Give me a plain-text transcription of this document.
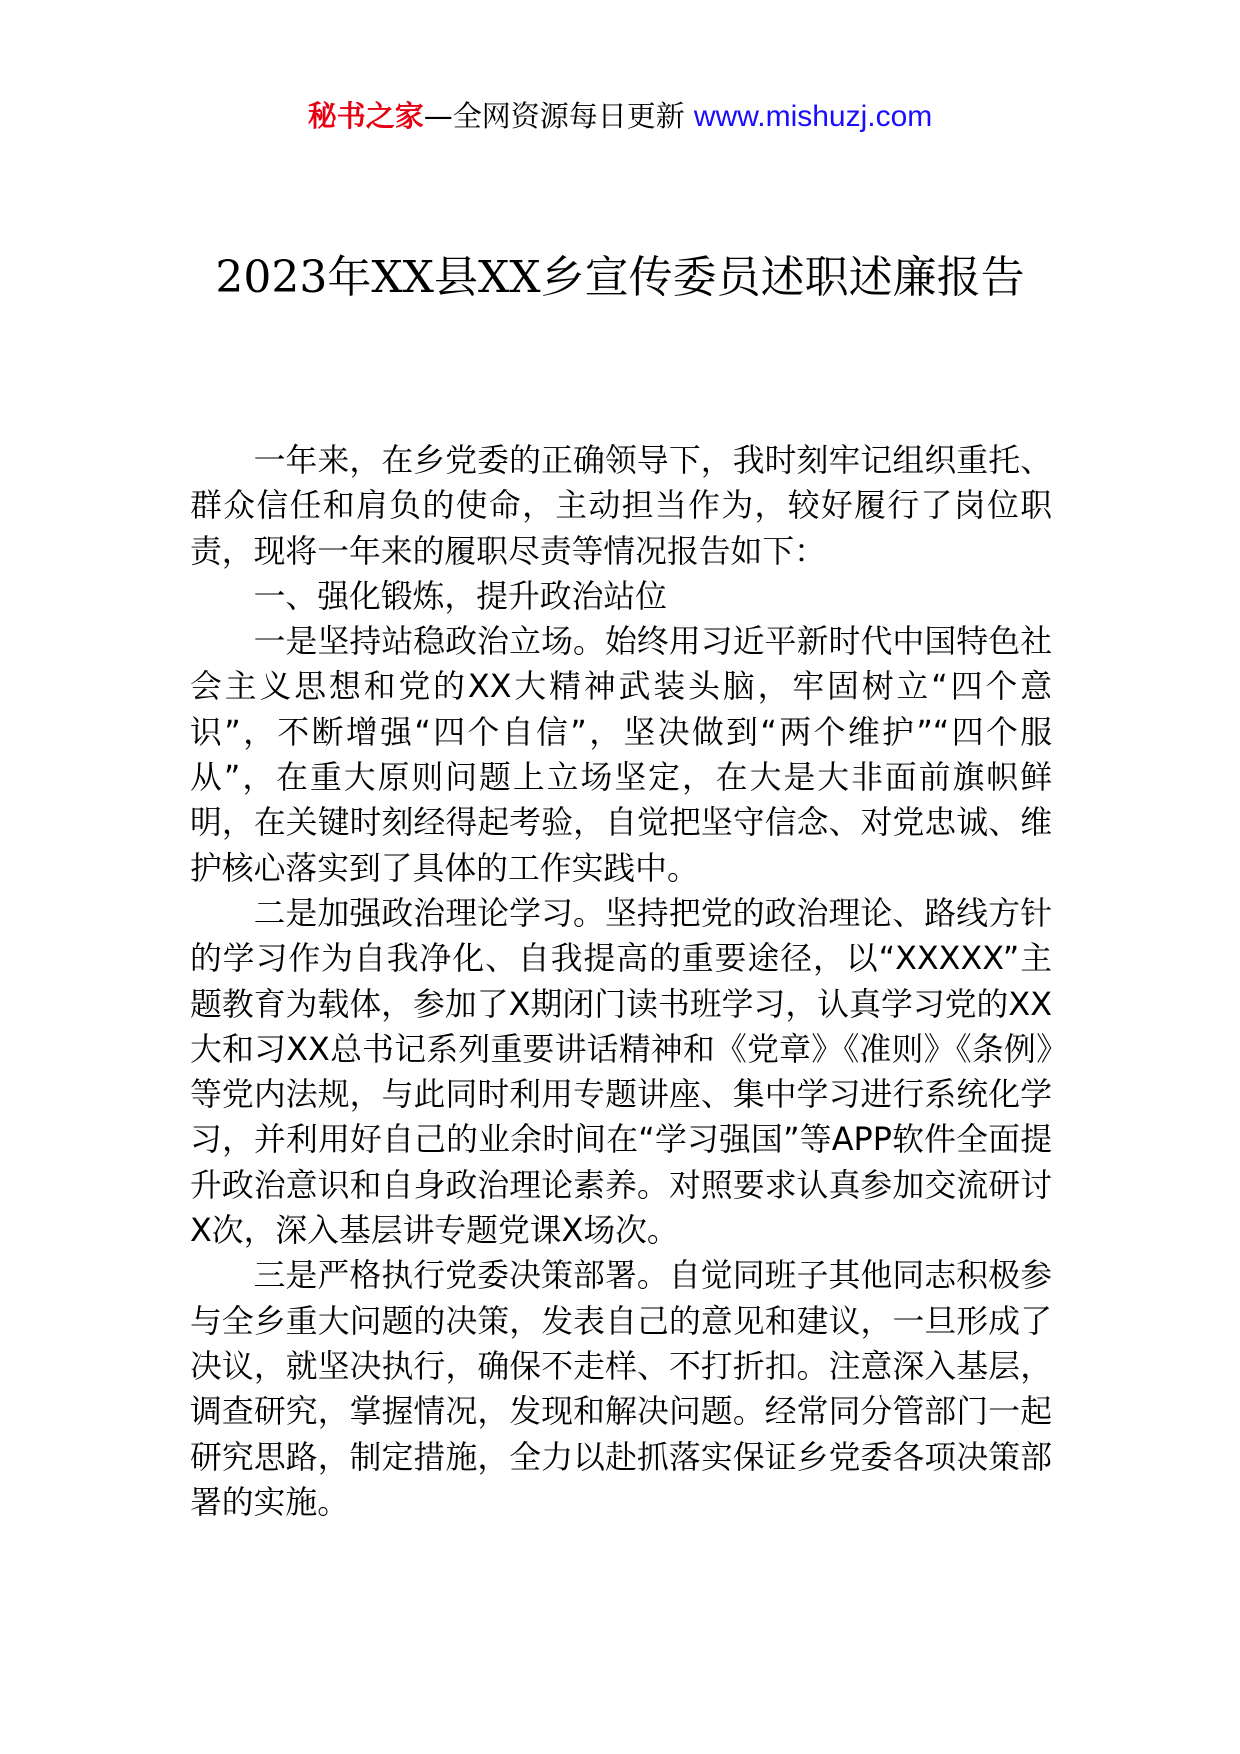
秘书之家—全网资源每日更新 www.mishuzj.com
2023年XX县XX乡宣传委员述职述廉报告

一年来，在乡党委的正确领导下，我时刻牢记组织重托、群众信任和肩负的使命，主动担当作为，较好履行了岗位职责，现将一年来的履职尽责等情况报告如下：

一、强化锻炼，提升政治站位

一是坚持站稳政治立场。始终用习近平新时代中国特色社会主义思想和党的XX大精神武装头脑，牢固树立“四个意识”，不断增强“四个自信”，坚决做到“两个维护”“四个服从”，在重大原则问题上立场坚定，在大是大非面前旗帜鲜明，在关键时刻经得起考验，自觉把坚守信念、对党忠诚、维护核心落实到了具体的工作实践中。

二是加强政治理论学习。坚持把党的政治理论、路线方针的学习作为自我净化、自我提高的重要途径，以“XXXXX”主题教育为载体，参加了X期闭门读书班学习，认真学习党的XX大和习XX总书记系列重要讲话精神和《党章》《准则》《条例》等党内法规，与此同时利用专题讲座、集中学习进行系统化学习，并利用好自己的业余时间在“学习强国”等APP软件全面提升政治意识和自身政治理论素养。对照要求认真参加交流研讨X次，深入基层讲专题党课X场次。

三是严格执行党委决策部署。自觉同班子其他同志积极参与全乡重大问题的决策，发表自己的意见和建议，一旦形成了决议，就坚决执行，确保不走样、不打折扣。注意深入基层，调查研究，掌握情况，发现和解决问题。经常同分管部门一起研究思路，制定措施，全力以赴抓落实保证乡党委各项决策部署的实施。
